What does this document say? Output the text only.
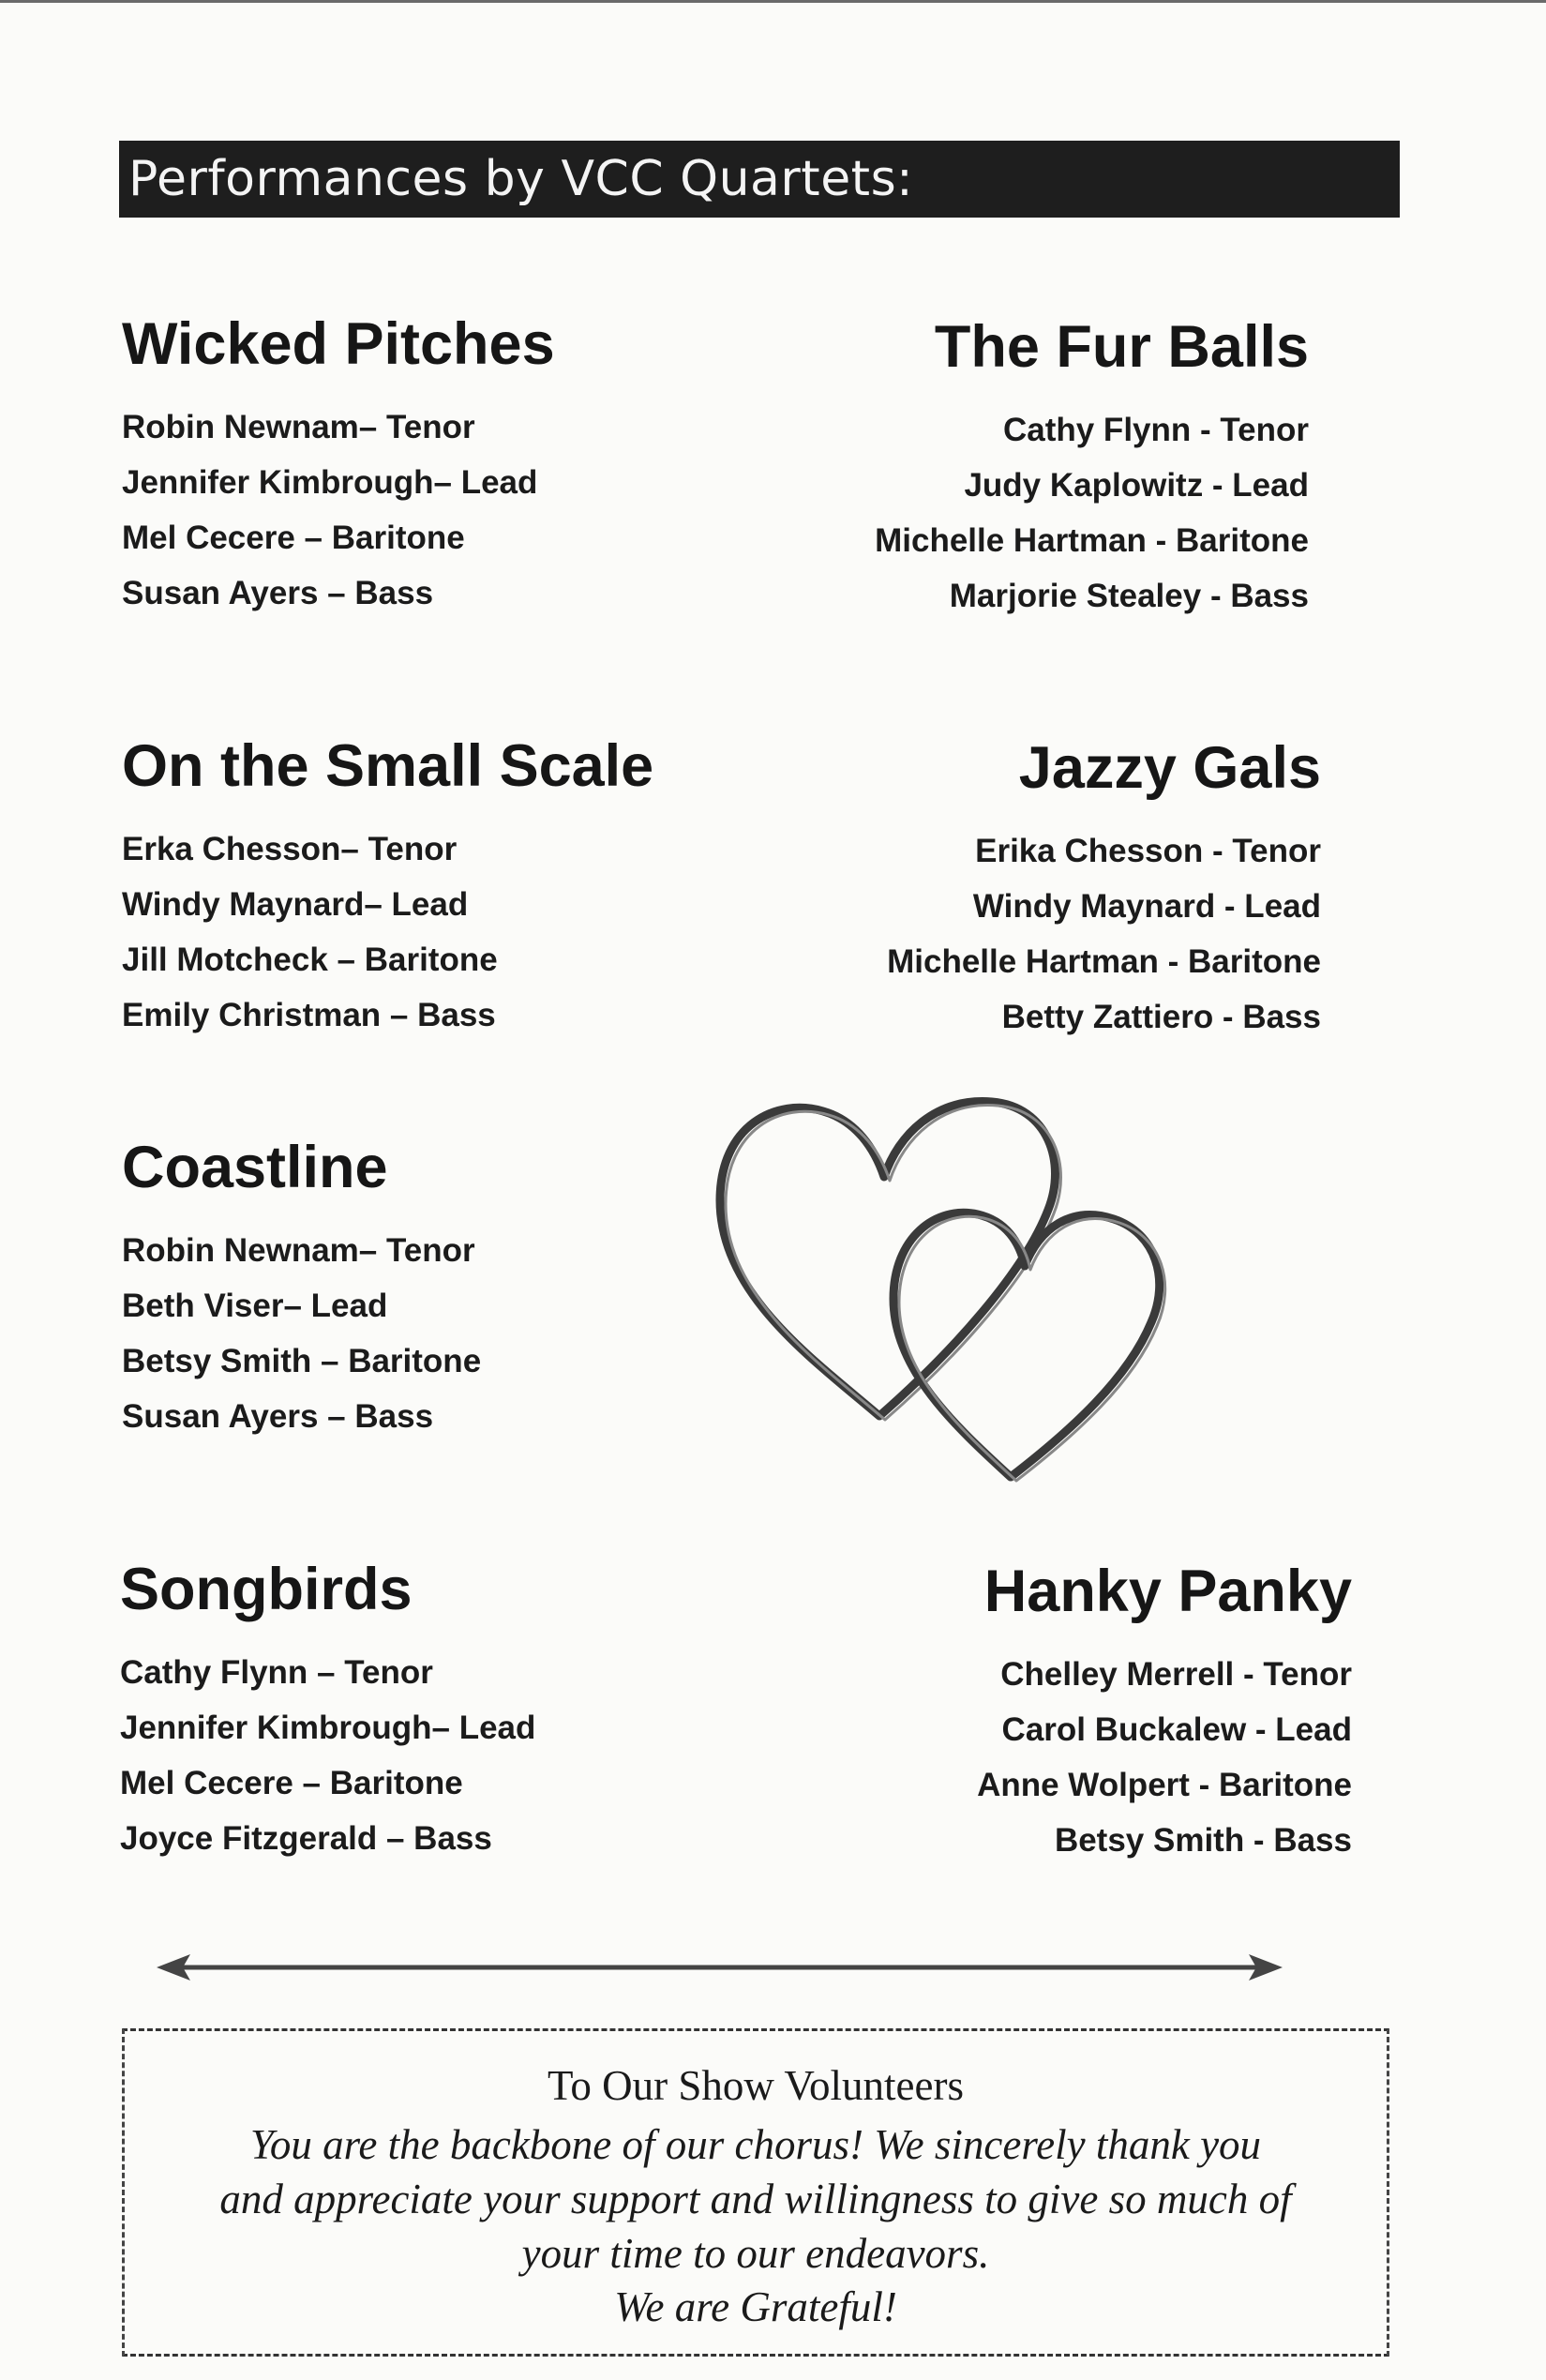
Performances by VCC Quartets:
Wicked Pitches
Robin Newnam– Tenor
Jennifer Kimbrough– Lead
Mel Cecere – Baritone
Susan Ayers – Bass
The Fur Balls
Cathy Flynn - Tenor
Judy Kaplowitz - Lead
Michelle Hartman - Baritone
Marjorie Stealey - Bass
On the Small Scale
Erka Chesson– Tenor
Windy Maynard– Lead
Jill Motcheck – Baritone
Emily Christman – Bass
Jazzy Gals
Erika Chesson - Tenor
Windy Maynard - Lead
Michelle Hartman - Baritone
Betty Zattiero - Bass
Coastline
Robin Newnam– Tenor
Beth Viser– Lead
Betsy Smith – Baritone
Susan Ayers – Bass
Songbirds
Cathy Flynn – Tenor
Jennifer Kimbrough– Lead
Mel Cecere – Baritone
Joyce Fitzgerald – Bass
Hanky Panky
Chelley Merrell - Tenor
Carol Buckalew - Lead
Anne Wolpert - Baritone
Betsy Smith - Bass
To Our Show Volunteers
You are the backbone of our chorus! We sincerely thank you
and appreciate your support and willingness to give so much of
your time to our endeavors.
We are Grateful!
